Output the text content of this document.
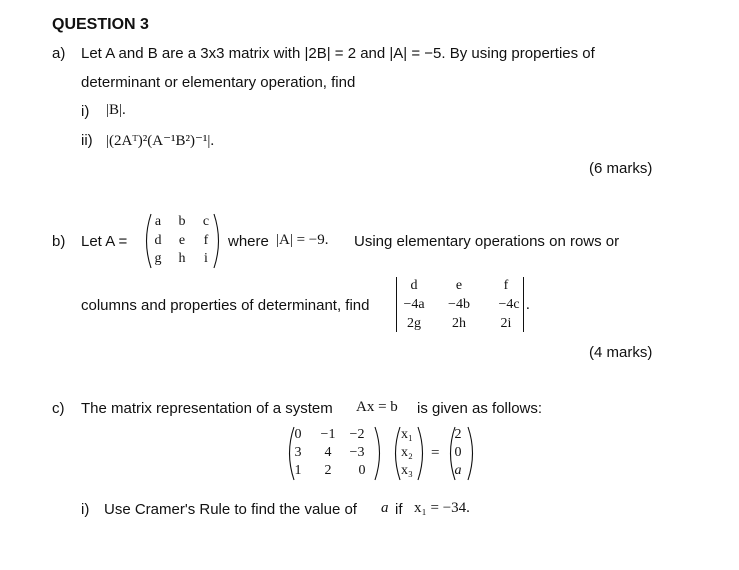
QUESTION 3
a) Let A and B are a 3x3 matrix with |2B| = 2 and |A| = −5. By using properties of
determinant or elementary operation, find
i) |B|.
ii) |(2Aᵀ)²(A⁻¹B²)⁻¹|.
(6 marks)
b) Let A =
a	b	c
d	e	f
g	h	i
where |A| = −9. Using elementary operations on rows or
columns and properties of determinant, find
d	e	f
−4a	−4b	−4c
2g	2h	2i
.
(4 marks)
c) The matrix representation of a system Ax = b is given as follows:
0	−1	−2
3	4	−3
1	2	0
x₁
x₂
x₃
=
2
0
a
i) Use Cramer's Rule to find the value of a if x₁ = −34.
